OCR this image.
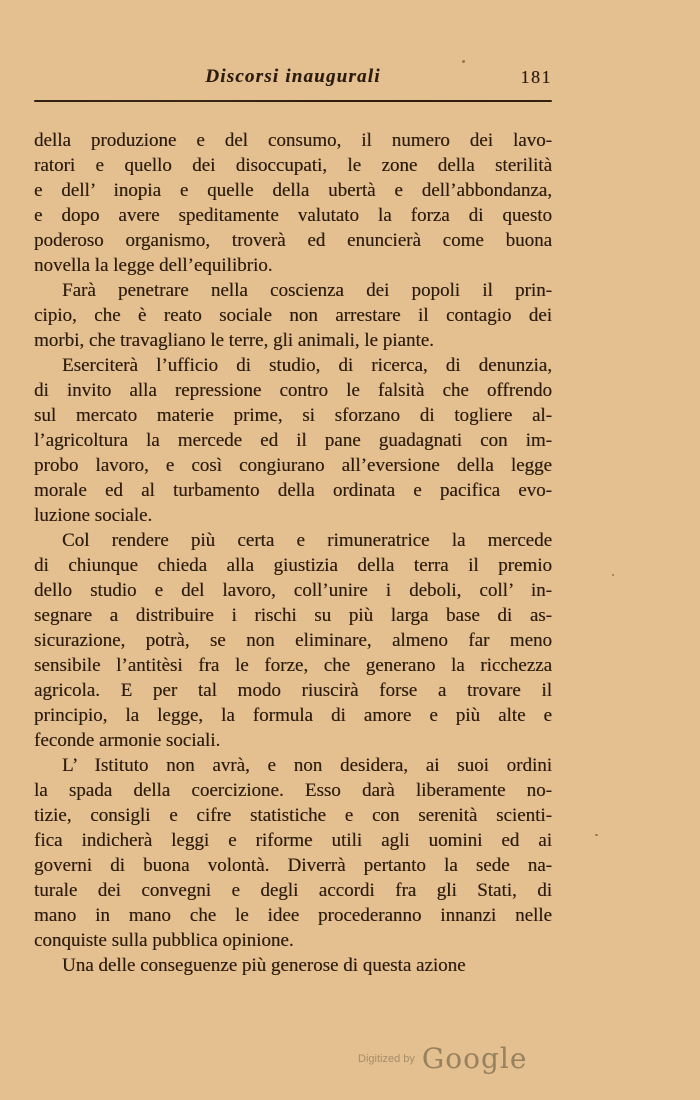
Discorsi inaugurali	181
della produzione e del consumo, il numero dei lavo-
ratori e quello dei disoccupati, le zone della sterilità
e dell’ inopia e quelle della ubertà e dell’abbondanza,
e dopo avere speditamente valutato la forza di questo
poderoso organismo, troverà ed enuncierà come buona
novella la legge dell’equilibrio.
Farà penetrare nella coscienza dei popoli il prin-
cipio, che è reato sociale non arrestare il contagio dei
morbi, che travagliano le terre, gli animali, le piante.
Eserciterà l’ufficio di studio, di ricerca, di denunzia,
di invito alla repressione contro le falsità che offrendo
sul mercato materie prime, si sforzano di togliere al-
l’agricoltura la mercede ed il pane guadagnati con im-
probo lavoro, e così congiurano all’eversione della legge
morale ed al turbamento della ordinata e pacifica evo-
luzione sociale.
Col rendere più certa e rimuneratrice la mercede
di chiunque chieda alla giustizia della terra il premio
dello studio e del lavoro, coll’unire i deboli, coll’ in-
segnare a distribuire i rischi su più larga base di as-
sicurazione, potrà, se non eliminare, almeno far meno
sensibile l’antitèsi fra le forze, che generano la ricchezza
agricola. E per tal modo riuscirà forse a trovare il
principio, la legge, la formula di amore e più alte e
feconde armonie sociali.
L’ Istituto non avrà, e non desidera, ai suoi ordini
la spada della coercizione. Esso darà liberamente no-
tizie, consigli e cifre statistiche e con serenità scienti-
fica indicherà leggi e riforme utili agli uomini ed ai
governi di buona volontà. Diverrà pertanto la sede na-
turale dei convegni e degli accordi fra gli Stati, di
mano in mano che le idee procederanno innanzi nelle
conquiste sulla pubblica opinione.
Una delle conseguenze più generose di questa azione
$^{Digitized by}$ Google
